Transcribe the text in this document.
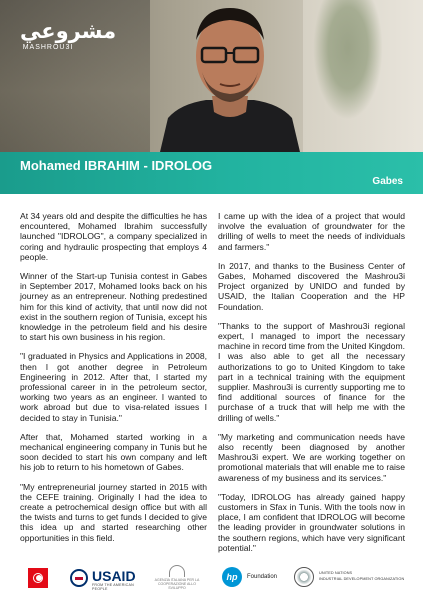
مشروعي
MASHROU3I
Mohamed IBRAHIM - IDROLOG
Gabes

At 34 years old and despite the difficulties he has encountered, Mohamed Ibrahim successfully launched "IDROLOG", a company specialized in coring and hydraulic prospecting that employs 4 people.

Winner of the Start-up Tunisia contest in Gabes in September 2017, Mohamed looks back on his journey as an entrepreneur. Nothing predestined him for this kind of activity, that until now did not exist in the southern region of Tunisia, except his knowledge in the petroleum field and his desire to start his own business in his region.

"I graduated in Physics and Applications in 2008, then I got another degree in Petroleum Engineering in 2012. After that, I started my professional career in in the petroleum sector, working two years as an engineer. I wanted to work abroad but due to visa-related issues I decided to stay in Tunisia."

After that, Mohamed started working in a mechanical engineering company in Tunis but he soon decided to start his own company and left his job to return to his hometown of Gabes.

"My entrepreneurial journey started in 2015 with the CEFE training. Originally I had the idea to create a petrochemical design office but with all the twists and turns to get funds I decided to give this idea up and started researching other opportunities in this field.

I came up with the idea of a project that would involve the evaluation of groundwater for the drilling of wells to meet the needs of individuals and farmers."

In 2017, and thanks to the Business Center of Gabes, Mohamed discovered the Mashrou3i Project organized by UNIDO and funded by USAID, the Italian Cooperation and the HP Foundation.

"Thanks to the support of Mashrou3i regional expert, I managed to import the necessary machine in record time from the United Kingdom. I was also able to get all the necessary authorizations to go to United Kingdom to take part in a technical training with the equipment supplier. Mashrou3i is currently supporting me to find additional sources of finance for the purchase of a truck that will help me with the drilling of wells."

"My marketing and communication needs have also recently been diagnosed by another Mashrou3i expert. We are working together on promotional materials that will enable me to raise awareness of my business and its services."

"Today, IDROLOG has already gained happy customers in Sfax in Tunis. With the tools now in place, I am confident that IDROLOG will become the leading provider in groundwater solutions in the southern regions, which have very significant potential."

USAID
FROM THE AMERICAN PEOPLE
AGENZIA ITALIANA PER LA COOPERAZIONE ALLO SVILUPPO
hp	Foundation
UNITED NATIONS
INDUSTRIAL DEVELOPMENT ORGANIZATION
